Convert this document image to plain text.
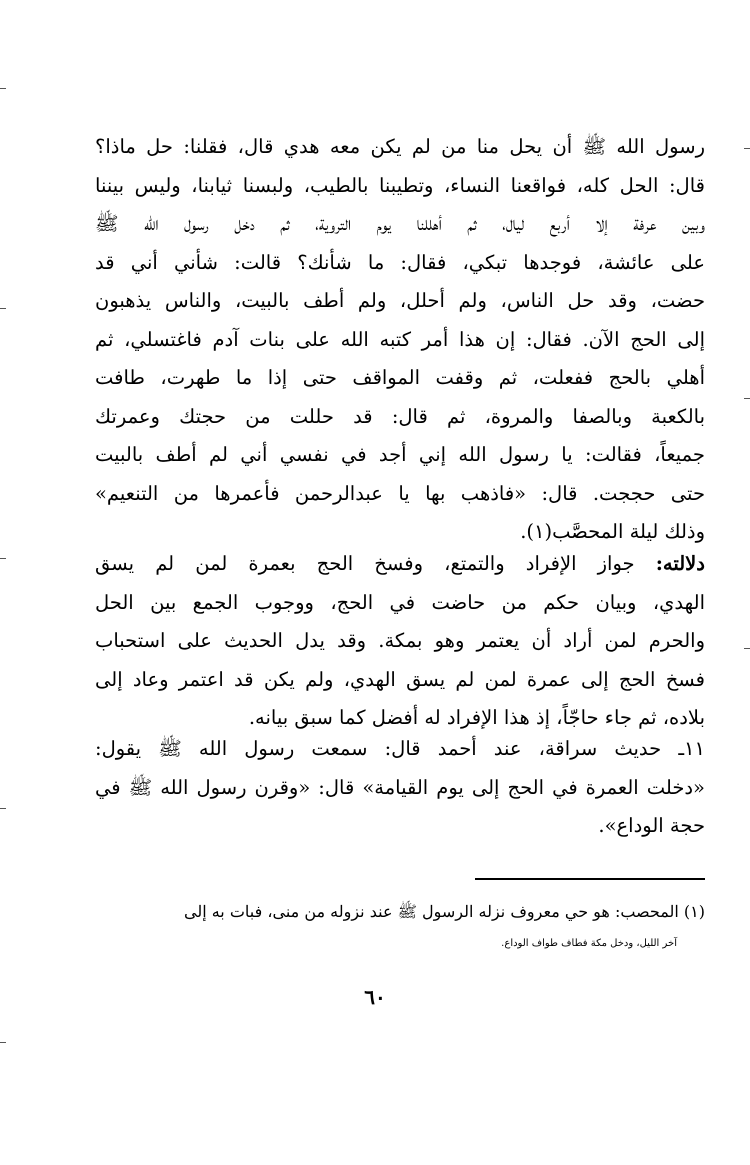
رسول الله ﷺ أن يحل منا من لم يكن معه هدي قال، فقلنا: حل ماذا؟
قال: الحل كله، فواقعنا النساء، وتطيبنا بالطيب، ولبسنا ثيابنا، وليس بيننا
وبين عرفة إلا أربع ليال، ثم أهللنا يوم التروية، ثم دخل رسول الله ﷺ
على عائشة، فوجدها تبكي، فقال: ما شأنك؟ قالت: شأني أني قد
حضت، وقد حل الناس، ولم أحلل، ولم أطف بالبيت، والناس يذهبون
إلى الحج الآن. فقال: إن هذا أمر كتبه الله على بنات آدم فاغتسلي، ثم
أهلي بالحج ففعلت، ثم وقفت المواقف حتى إذا ما طهرت، طافت
بالكعبة وبالصفا والمروة، ثم قال: قد حللت من حجتك وعمرتك
جميعاً، فقالت: يا رسول الله إني أجد في نفسي أني لم أطف بالبيت
حتى حججت. قال: «فاذهب بها يا عبدالرحمن فأعمرها من التنعيم»
وذلك ليلة المحصَّب(١).
دلالته: جواز الإفراد والتمتع، وفسخ الحج بعمرة لمن لم يسق
الهدي، وبيان حكم من حاضت في الحج، ووجوب الجمع بين الحل
والحرم لمن أراد أن يعتمر وهو بمكة. وقد يدل الحديث على استحباب
فسخ الحج إلى عمرة لمن لم يسق الهدي، ولم يكن قد اعتمر وعاد إلى
بلاده، ثم جاء حاجّاً، إذ هذا الإفراد له أفضل كما سبق بيانه.
١١ـ حديث سراقة، عند أحمد قال: سمعت رسول الله ﷺ يقول:
«دخلت العمرة في الحج إلى يوم القيامة» قال: «وقرن رسول الله ﷺ في
حجة الوداع».
(١) المحصب: هو حي معروف نزله الرسول ﷺ عند نزوله من منى، فبات به إلى
آخر الليل، ودخل مكة فطاف طواف الوداع.
٦٠
